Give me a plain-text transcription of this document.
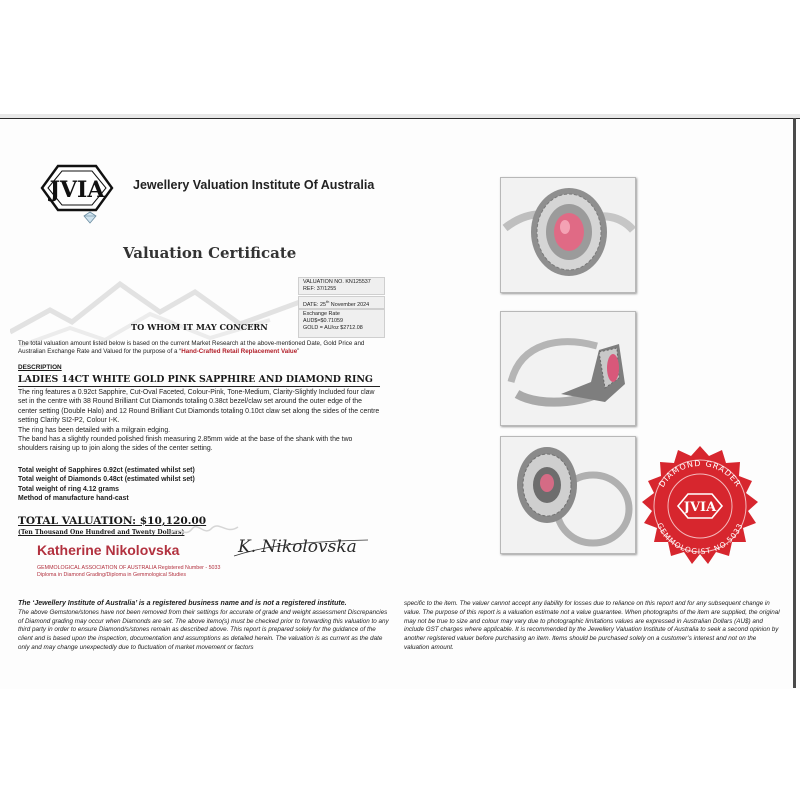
JVIA Jewellery Valuation Institute Of Australia
Valuation Certificate
VALUATION NO. KN125537
REF: 37/1255
DATE: 25th November 2024
Exchange Rate
AUD$=$0.71059
GOLD = AU/oz $2712.08
TO WHOM IT MAY CONCERN
The total valuation amount listed below is based on the current Market Research at the above-mentioned Date, Gold Price and Australian Exchange Rate and Valued for the purpose of a “Hand-Crafted Retail Replacement Value”
DESCRIPTION
LADIES 14CT WHITE GOLD PINK SAPPHIRE AND DIAMOND RING

The ring features a 0.92ct Sapphire, Cut-Oval Faceted, Colour-Pink, Tone-Medium, Clarity-Slightly Included four claw set in the centre with 38 Round Brilliant Cut Diamonds totaling 0.38ct bezel/claw set around the outer edge of the center setting (Double Halo) and 12 Round Brilliant Cut Diamonds totaling 0.10ct claw set along the sides of the centre setting Clarity SI2-P2, Colour I-K.

The ring has been detailed with a milgrain edging.

The band has a slightly rounded polished finish measuring 2.85mm wide at the base of the shank with the two shoulders raising up to join along the sides of the center setting.

Total weight of Sapphires 0.92ct (estimated whilst set)
Total weight of Diamonds 0.48ct (estimated whilst set)
Total weight of ring 4.12 grams
Method of manufacture hand-cast
TOTAL VALUATION: $10,120.00
(Ten Thousand One Hundred and Twenty Dollars)
Katherine Nikolovska	K. Nikolovska
GEMMOLOGICAL ASSOCIATION OF AUSTRALIA Registered Number - 5033
Diploma in Diamond Grading/Diploma in Gemmological Studies
The ‘Jewellery Institute of Australia’ is a registered business name and is not a registered institute.
The above Gemstone/stones have not been removed from their settings for accurate of grade and weight assessment Discrepancies of Diamond grading may occur when Diamonds are set. The above itemo(s) must be checked prior to forwarding this valuation to any third party in order to ensure Diamond/s/stones remain as described above. This report is prepared solely for the guidance of the client and is based upon the inspection, documentation and assumptions as detailed herein. The valuation is as current as the date only and may change unexpectedly due to fluctuation of market movement or factors
specific to the item. The valuer cannot accept any liability for losses due to reliance on this report and for any subsequent change in value. The purpose of this report is a valuation estimate not a value guarantee. When photographs of the item are supplied, the original may not be true to size and colour may vary due to photographic limitations values are expressed in Australian Dollars (AU$) and include GST charges where applicable. It is recommended by the Jewellery Valuation Institute of Australia to seek a second opinion by another registered valuer before purchasing an item. Items should be purchased solely on a customer’s interest and not on the valuation amount.
DIAMOND GRADER
GEMMOLOGIST NO.5033
JVIA
